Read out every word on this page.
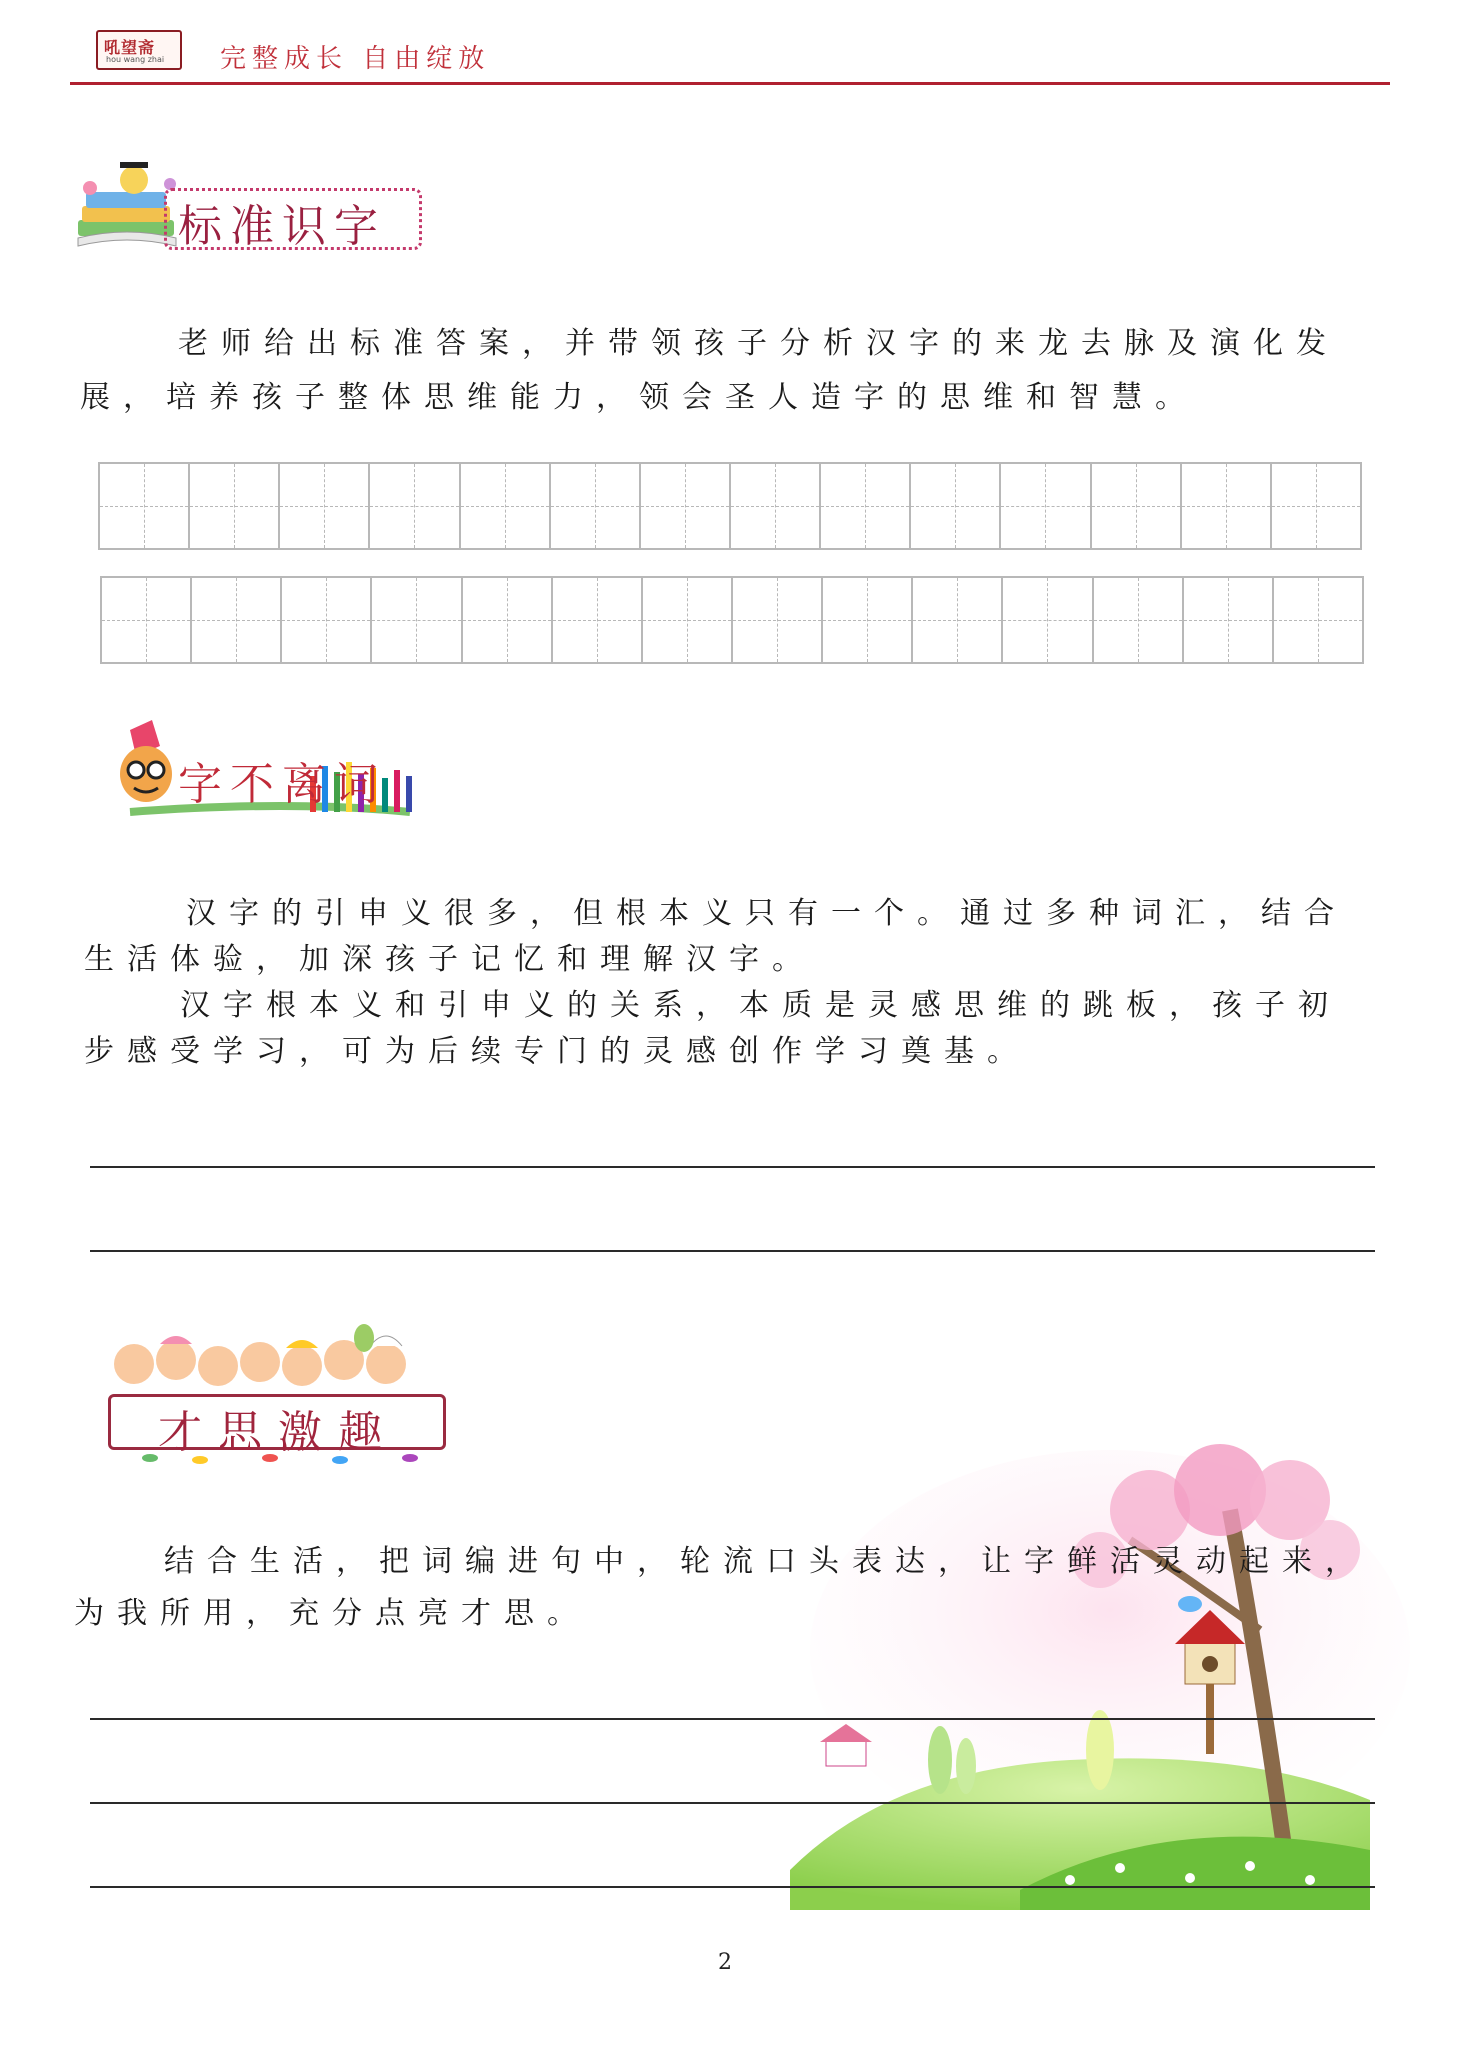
吼望斋
hou wang zhai 完整成长 自由绽放
标准识字
老师给出标准答案，并带领孩子分析汉字的来龙去脉及演化发
展，培养孩子整体思维能力，领会圣人造字的思维和智慧。
字不离词
汉字的引申义很多，但根本义只有一个。通过多种词汇，结合
生活体验，加深孩子记忆和理解汉字。
汉字根本义和引申义的关系，本质是灵感思维的跳板，孩子初
步感受学习，可为后续专门的灵感创作学习奠基。
才思激趣
结合生活，把词编进句中，轮流口头表达，让字鲜活灵动起来，
为我所用，充分点亮才思。
2
